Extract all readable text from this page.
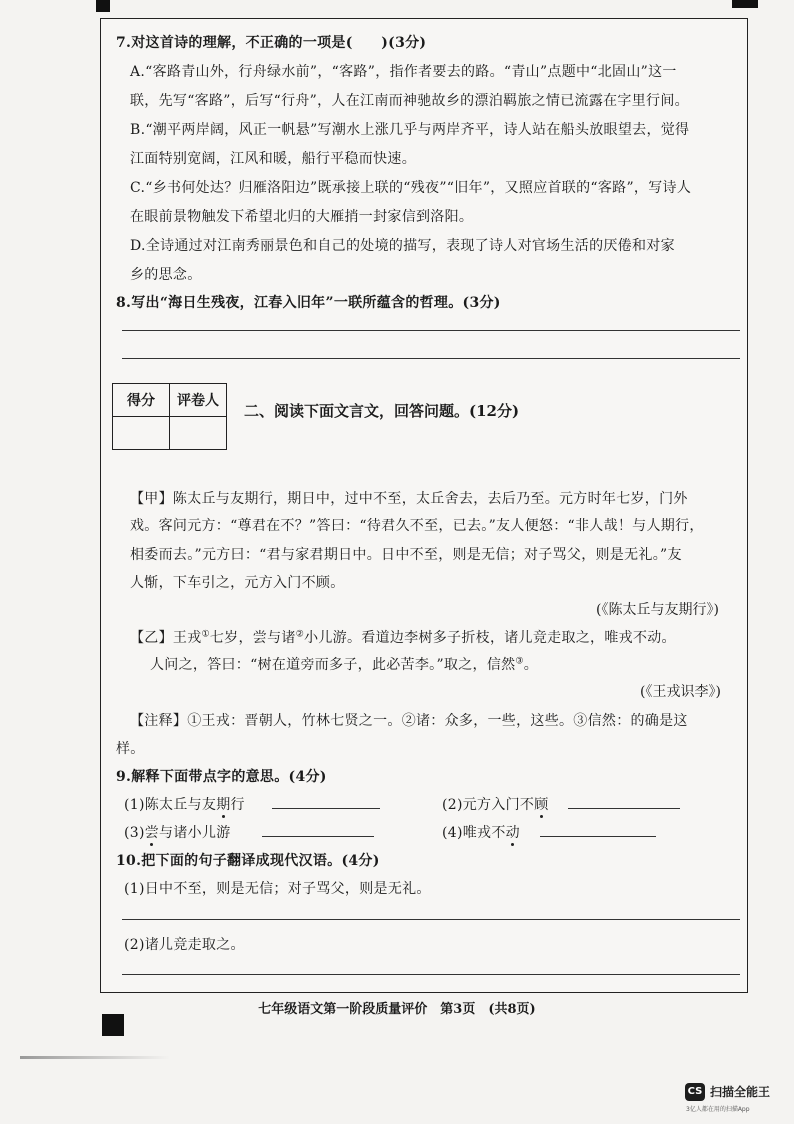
7.对这首诗的理解，不正确的一项是(　　)(3分)
A.“客路青山外，行舟绿水前”，“客路”，指作者要去的路。“青山”点题中“北固山”这一
联，先写“客路”，后写“行舟”，人在江南而神驰故乡的漂泊羁旅之情已流露在字里行间。
B.“潮平两岸阔，风正一帆悬”写潮水上涨几乎与两岸齐平，诗人站在船头放眼望去，觉得
江面特别宽阔，江风和暖，船行平稳而快速。
C.“乡书何处达？归雁洛阳边”既承接上联的“残夜”“旧年”，又照应首联的“客路”，写诗人
在眼前景物触发下希望北归的大雁捎一封家信到洛阳。
D.全诗通过对江南秀丽景色和自己的处境的描写，表现了诗人对官场生活的厌倦和对家
乡的思念。
8.写出“海日生残夜，江春入旧年”一联所蕴含的哲理。(3分)
得分	评卷人

二、阅读下面文言文，回答问题。(12分)
【甲】陈太丘与友期行，期日中，过中不至，太丘舍去，去后乃至。元方时年七岁，门外
戏。客问元方：“尊君在不？”答曰：“待君久不至，已去。”友人便怒：“非人哉！与人期行，
相委而去。”元方曰：“君与家君期日中。日中不至，则是无信；对子骂父，则是无礼。”友
人惭，下车引之，元方入门不顾。
(《陈太丘与友期行》)
【乙】王戎①七岁，尝与诸②小儿游。看道边李树多子折枝，诸儿竞走取之，唯戎不动。
人问之，答曰：“树在道旁而多子，此必苦李。”取之，信然③。
(《王戎识李》)
【注释】①王戎：晋朝人，竹林七贤之一。②诸：众多，一些，这些。③信然：的确是这
样。
9.解释下面带点字的意思。(4分)
(1)陈太丘与友期行	(2)元方入门不顾
(3)尝与诸小儿游	(4)唯戎不动
10.把下面的句子翻译成现代汉语。(4分)
(1)日中不至，则是无信；对子骂父，则是无礼。
(2)诸儿竞走取之。
七年级语文第一阶段质量评价　第3页　(共8页)
CS 扫描全能王
3亿人都在用的扫描App
